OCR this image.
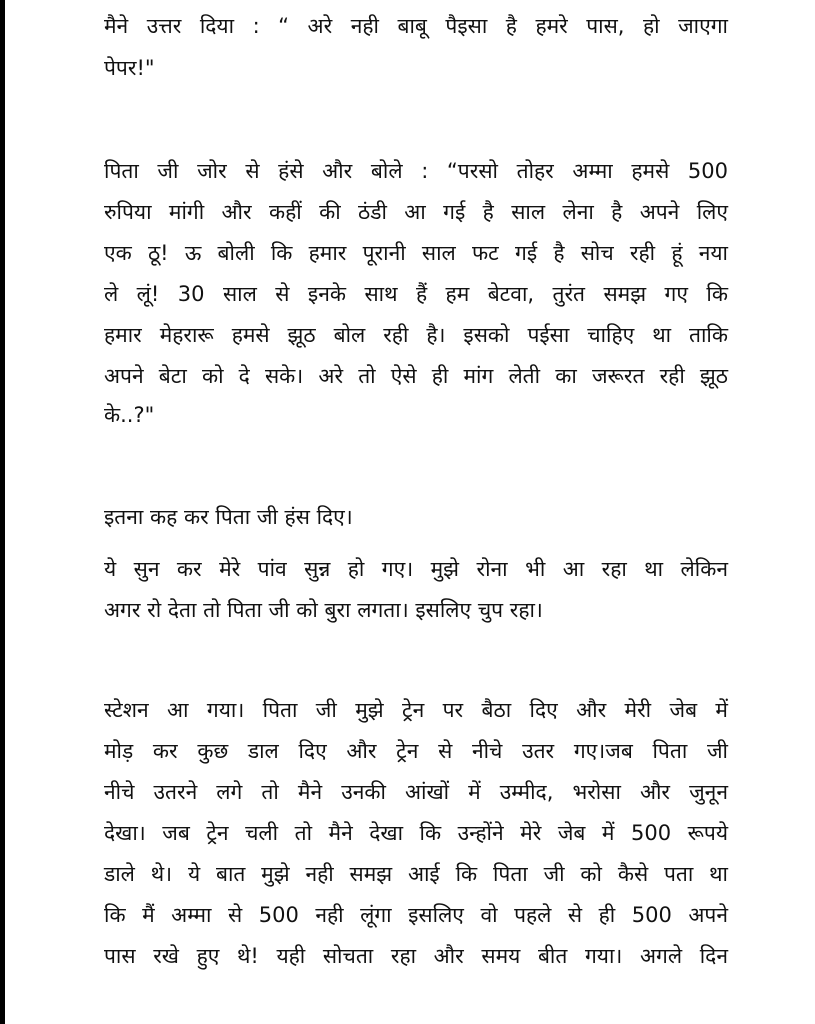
मैने उत्तर दिया : “ अरे नही बाबू पैइसा है हमरे पास, हो जाएगा
पेपर!"
पिता जी जोर से हंसे और बोले : “परसो तोहर अम्मा हमसे 500
रुपिया मांगी और कहीं की ठंडी आ गई है साल लेना है अपने लिए
एक ठू! ऊ बोली कि हमार पूरानी साल फट गई है सोच रही हूं नया
ले लूं! 30 साल से इनके साथ हैं हम बेटवा, तुरंत समझ गए कि
हमार मेहरारू हमसे झूठ बोल रही है। इसको पईसा चाहिए था ताकि
अपने बेटा को दे सके। अरे तो ऐसे ही मांग लेती का जरूरत रही झूठ
के..?"
इतना कह कर पिता जी हंस दिए।
ये सुन कर मेरे पांव सुन्न हो गए। मुझे रोना भी आ रहा था लेकिन
अगर रो देता तो पिता जी को बुरा लगता। इसलिए चुप रहा।
स्टेशन आ गया। पिता जी मुझे ट्रेन पर बैठा दिए और मेरी जेब में
मोड़ कर कुछ डाल दिए और ट्रेन से नीचे उतर गए।जब पिता जी
नीचे उतरने लगे तो मैने उनकी आंखों में उम्मीद, भरोसा और जुनून
देखा। जब ट्रेन चली तो मैने देखा कि उन्होंने मेरे जेब में 500 रूपये
डाले थे। ये बात मुझे नही समझ आई कि पिता जी को कैसे पता था
कि मैं अम्मा से 500 नही लूंगा इसलिए वो पहले से ही 500 अपने
पास रखे हुए थे! यही सोचता रहा और समय बीत गया। अगले दिन
